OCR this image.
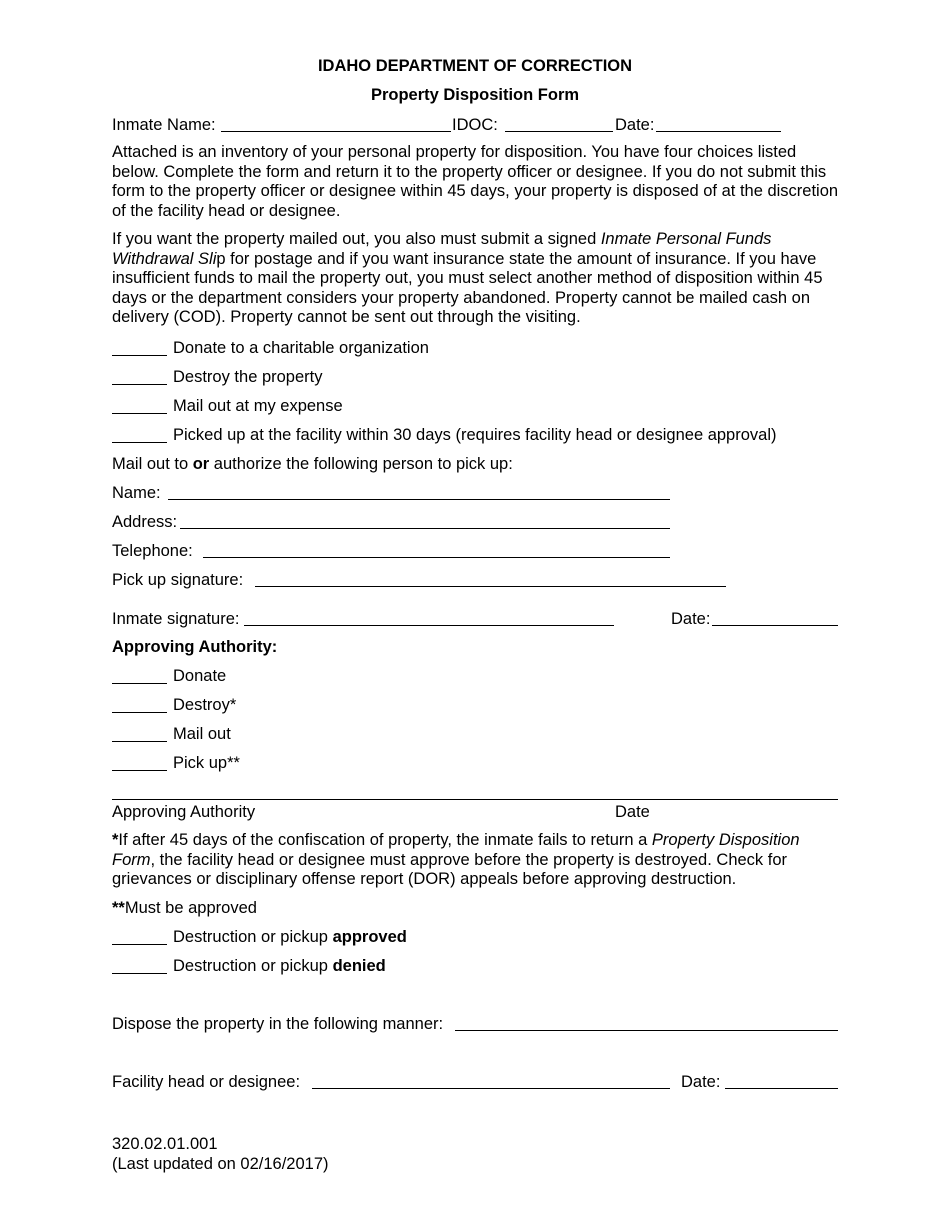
IDAHO DEPARTMENT OF CORRECTION
Property Disposition Form
Inmate Name:	IDOC:	Date:
Attached is an inventory of your personal property for disposition. You have four choices listed below. Complete the form and return it to the property officer or designee. If you do not submit this form to the property officer or designee within 45 days, your property is disposed of at the discretion of the facility head or designee.
If you want the property mailed out, you also must submit a signed Inmate Personal Funds Withdrawal Slip for postage and if you want insurance state the amount of insurance. If you have insufficient funds to mail the property out, you must select another method of disposition within 45 days or the department considers your property abandoned. Property cannot be mailed cash on delivery (COD). Property cannot be sent out through the visiting.
Donate to a charitable organization
Destroy the property
Mail out at my expense
Picked up at the facility within 30 days (requires facility head or designee approval)
Mail out to or authorize the following person to pick up:
Name:
Address:
Telephone:
Pick up signature:
Inmate signature:	Date:
Approving Authority:
Donate
Destroy*
Mail out
Pick up**
Approving Authority	Date
*If after 45 days of the confiscation of property, the inmate fails to return a Property Disposition Form, the facility head or designee must approve before the property is destroyed. Check for grievances or disciplinary offense report (DOR) appeals before approving destruction.
**Must be approved
Destruction or pickup approved
Destruction or pickup denied
Dispose the property in the following manner:
Facility head or designee:	Date:
320.02.01.001
(Last updated on 02/16/2017)
